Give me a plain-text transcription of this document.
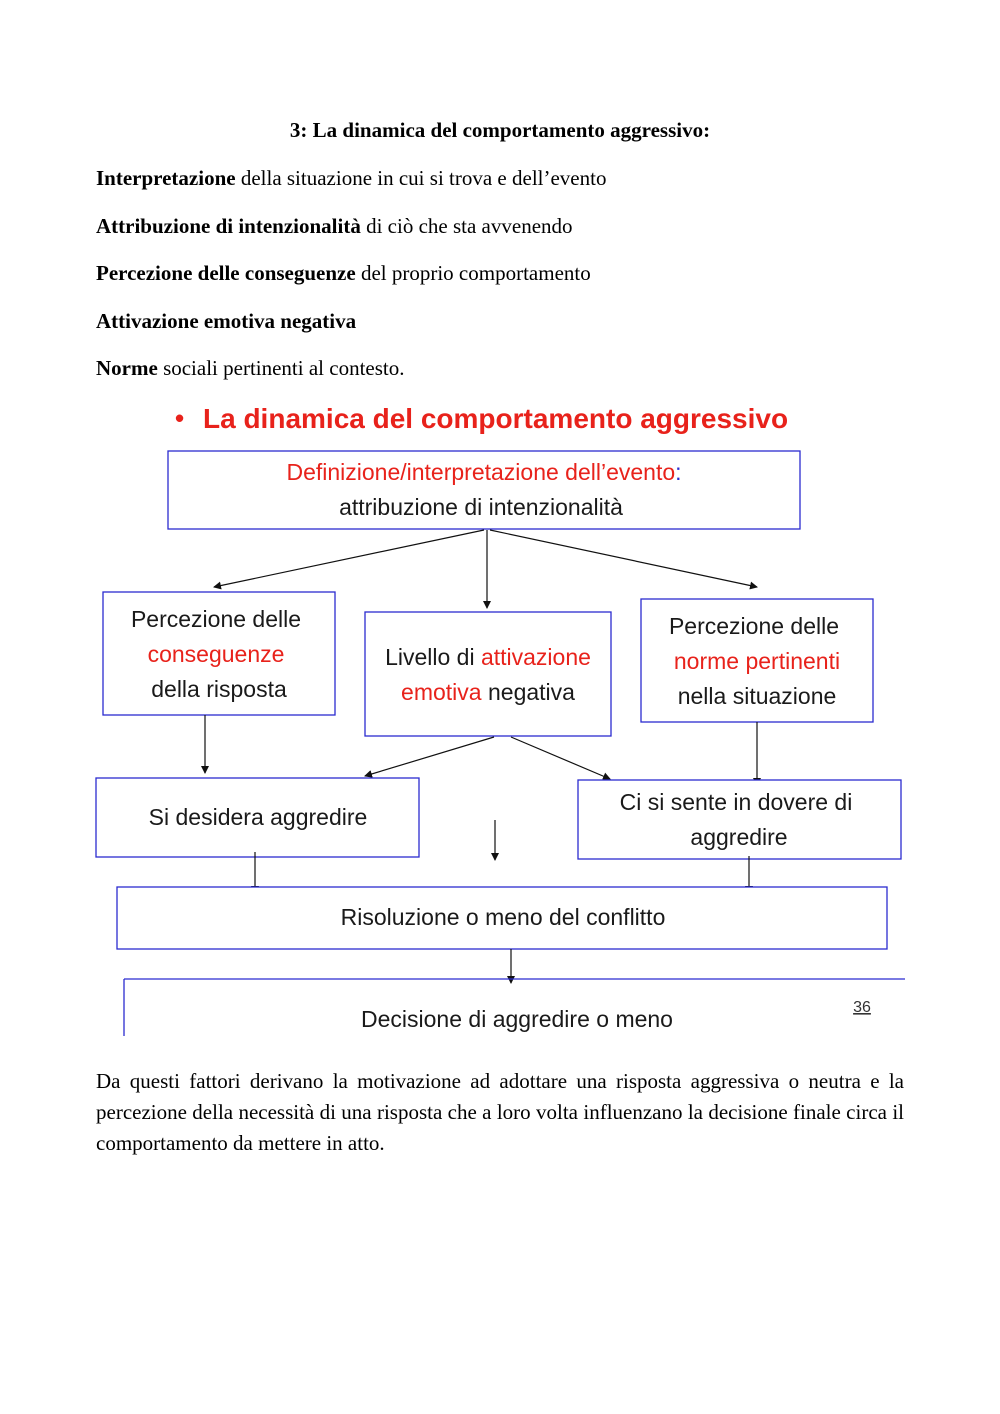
3: La dinamica del comportamento aggressivo:
Interpretazione della situazione in cui si trova e dell’evento
Attribuzione di intenzionalità di ciò che sta avvenendo
Percezione delle conseguenze del proprio comportamento
Attivazione emotiva negativa
Norme sociali pertinenti al contesto.
• La dinamica del comportamento aggressivo
Definizione/interpretazione dell’evento:
attribuzione di intenzionalità
Percezione delle
conseguenze
della risposta
Livello di attivazione
emotiva negativa
Percezione delle
norme pertinenti
nella situazione
Si desidera aggredire
Ci si sente in dovere di
aggredire
Risoluzione o meno del conflitto
Decisione di aggredire o meno	36
Da questi fattori derivano la motivazione ad adottare una risposta aggressiva o neutra e la percezione della necessità di una risposta che a loro volta influenzano la decisione finale circa il comportamento da mettere in atto.
